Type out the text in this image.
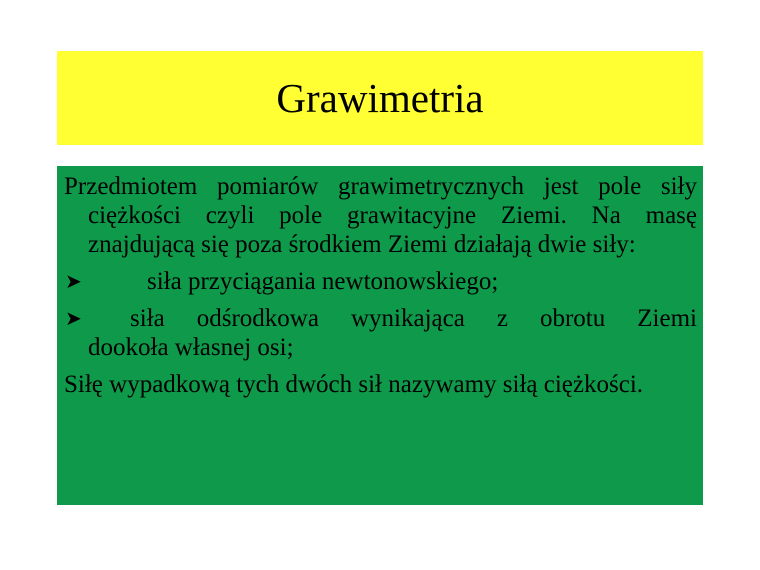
Grawimetria

Przedmiotem pomiarów grawimetrycznych jest pole siły ciężkości czyli pole grawitacyjne Ziemi. Na masę znajdującą się poza środkiem Ziemi działają dwie siły:

➤	siła przyciągania newtonowskiego;
➤	siła odśrodkowa wynikająca z obrotu Ziemi
dookoła własnej osi;

Siłę wypadkową tych dwóch sił nazywamy siłą ciężkości.
